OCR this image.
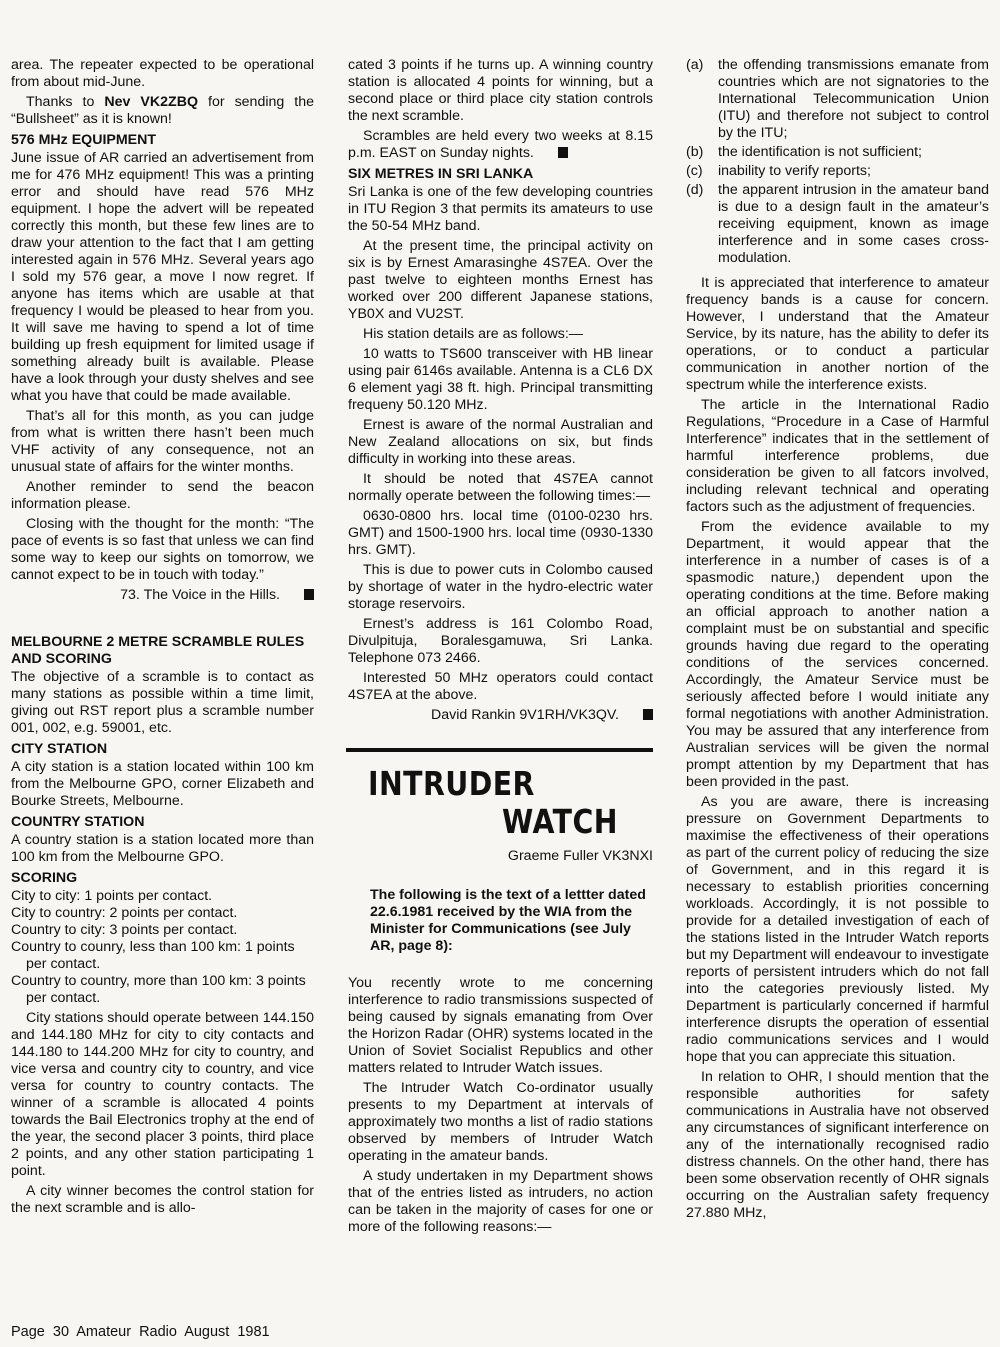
area. The repeater expected to be operational from about mid-June.

Thanks to Nev VK2ZBQ for sending the “Bullsheet” as it is known!

576 MHz EQUIPMENT

June issue of AR carried an advertisement from me for 476 MHz equipment! This was a printing error and should have read 576 MHz equipment. I hope the advert will be repeated correctly this month, but these few lines are to draw your attention to the fact that I am getting interested again in 576 MHz. Several years ago I sold my 576 gear, a move I now regret. If anyone has items which are usable at that frequency I would be pleased to hear from you. It will save me having to spend a lot of time building up fresh equipment for limited usage if something already built is available. Please have a look through your dusty shelves and see what you have that could be made available.

That’s all for this month, as you can judge from what is written there hasn’t been much VHF activity of any consequence, not an unusual state of affairs for the winter months.

Another reminder to send the beacon information please.

Closing with the thought for the month: “The pace of events is so fast that unless we can find some way to keep our sights on tomorrow, we cannot expect to be in touch with today.”

73. The Voice in the Hills.
MELBOURNE 2 METRE SCRAMBLE RULES AND SCORING

The objective of a scramble is to contact as many stations as possible within a time limit, giving out RST report plus a scramble number 001, 002, e.g. 59001, etc.

CITY STATION

A city station is a station located within 100 km from the Melbourne GPO, corner Elizabeth and Bourke Streets, Melbourne.

COUNTRY STATION

A country station is a station located more than 100 km from the Melbourne GPO.

SCORING

City to city: 1 points per contact.

City to country: 2 points per contact.

Country to city: 3 points per contact.

Country to counry, less than 100 km: 1 points per contact.

Country to country, more than 100 km: 3 points per contact.

City stations should operate between 144.150 and 144.180 MHz for city to city contacts and 144.180 to 144.200 MHz for city to country, and vice versa and country city to country, and vice versa for country to country contacts. The winner of a scramble is allocated 4 points towards the Bail Electronics trophy at the end of the year, the second placer 3 points, third place 2 points, and any other station participating 1 point.

A city winner becomes the control station for the next scramble and is allo-

cated 3 points if he turns up. A winning country station is allocated 4 points for winning, but a second place or third place city station controls the next scramble.

Scrambles are held every two weeks at 8.15 p.m. EAST on Sunday nights.

SIX METRES IN SRI LANKA

Sri Lanka is one of the few developing countries in ITU Region 3 that permits its amateurs to use the 50-54 MHz band.

At the present time, the principal activity on six is by Ernest Amarasinghe 4S7EA. Over the past twelve to eighteen months Ernest has worked over 200 different Japanese stations, YB0X and VU2ST.

His station details are as follows:—

10 watts to TS600 transceiver with HB linear using pair 6146s available. Antenna is a CL6 DX 6 element yagi 38 ft. high. Principal transmitting frequeny 50.120 MHz.

Ernest is aware of the normal Australian and New Zealand allocations on six, but finds difficulty in working into these areas.

It should be noted that 4S7EA cannot normally operate between the following times:—

0630-0800 hrs. local time (0100-0230 hrs. GMT) and 1500-1900 hrs. local time (0930-1330 hrs. GMT).

This is due to power cuts in Colombo caused by shortage of water in the hydro-electric water storage reservoirs.

Ernest’s address is 161 Colombo Road, Divulpituja, Boralesgamuwa, Sri Lanka. Telephone 073 2466.

Interested 50 MHz operators could contact 4S7EA at the above.

David Rankin 9V1RH/VK3QV.
INTRUDER
WATCH
Graeme Fuller VK3NXI
The following is the text of a lettter dated 22.6.1981 received by the WIA from the Minister for Communications (see July AR, page 8):

You recently wrote to me concerning interference to radio transmissions suspected of being caused by signals emanating from Over the Horizon Radar (OHR) systems located in the Union of Soviet Socialist Republics and other matters related to Intruder Watch issues.

The Intruder Watch Co-ordinator usually presents to my Department at intervals of approximately two months a list of radio stations observed by members of Intruder Watch operating in the amateur bands.

A study undertaken in my Department shows that of the entries listed as intruders, no action can be taken in the majority of cases for one or more of the following reasons:—

(a)	the offending transmissions emanate from countries which are not signatories to the International Telecommunication Union (ITU) and therefore not subject to control by the ITU;
(b)	the identification is not sufficient;
(c)	inability to verify reports;
(d)	the apparent intrusion in the amateur band is due to a design fault in the amateur’s receiving equipment, known as image interference and in some cases cross-modulation.

It is appreciated that interference to amateur frequency bands is a cause for concern. However, I understand that the Amateur Service, by its nature, has the ability to defer its operations, or to conduct a particular communication in another nortion of the spectrum while the interference exists.

The article in the International Radio Regulations, “Procedure in a Case of Harmful Interference” indicates that in the settlement of harmful interference problems, due consideration be given to all fatcors involved, including relevant technical and operating factors such as the adjustment of frequencies.

From the evidence available to my Department, it would appear that the interference in a number of cases is of a spasmodic nature,) dependent upon the operating conditions at the time. Before making an official approach to another nation a complaint must be on substantial and specific grounds having due regard to the operating conditions of the services concerned. Accordingly, the Amateur Service must be seriously affected before I would initiate any formal negotiations with another Administration. You may be assured that any interference from Australian services will be given the normal prompt attention by my Department that has been provided in the past.

As you are aware, there is increasing pressure on Government Departments to maximise the effectiveness of their operations as part of the current policy of reducing the size of Government, and in this regard it is necessary to establish priorities concerning workloads. Accordingly, it is not possible to provide for a detailed investigation of each of the stations listed in the Intruder Watch reports but my Department will endeavour to investigate reports of persistent intruders which do not fall into the categories previously listed. My Department is particularly concerned if harmful interference disrupts the operation of essential radio communications services and I would hope that you can appreciate this situation.

In relation to OHR, I should mention that the responsible authorities for safety communications in Australia have not observed any circumstances of significant interference on any of the internationally recognised radio distress channels. On the other hand, there has been some observation recently of OHR signals occurring on the Australian safety frequency 27.880 MHz,

Page 30 Amateur Radio August 1981
